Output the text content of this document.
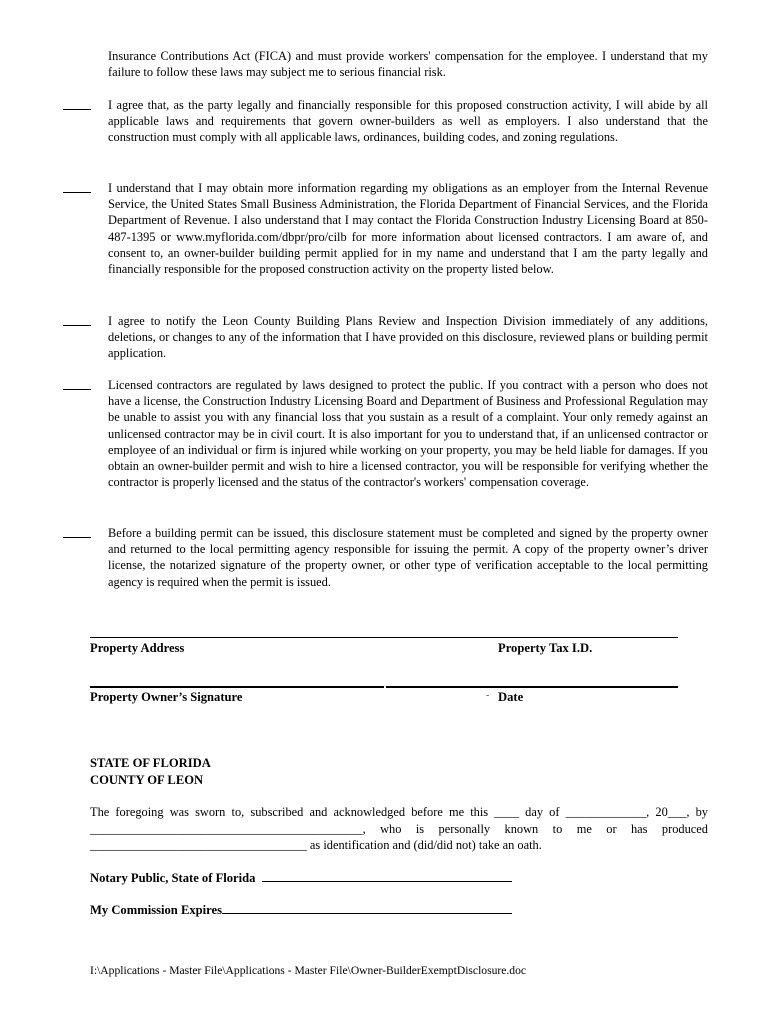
Insurance Contributions Act (FICA) and must provide workers' compensation for the employee. I understand that my failure to follow these laws may subject me to serious financial risk.

I agree that, as the party legally and financially responsible for this proposed construction activity, I will abide by all applicable laws and requirements that govern owner-builders as well as employers. I also understand that the construction must comply with all applicable laws, ordinances, building codes, and zoning regulations.

I understand that I may obtain more information regarding my obligations as an employer from the Internal Revenue Service, the United States Small Business Administration, the Florida Department of Financial Services, and the Florida Department of Revenue. I also understand that I may contact the Florida Construction Industry Licensing Board at 850-487-1395 or www.myflorida.com/dbpr/pro/cilb for more information about licensed contractors. I am aware of, and consent to, an owner-builder building permit applied for in my name and understand that I am the party legally and financially responsible for the proposed construction activity on the property listed below.

I agree to notify the Leon County Building Plans Review and Inspection Division immediately of any additions, deletions, or changes to any of the information that I have provided on this disclosure, reviewed plans or building permit application.

Licensed contractors are regulated by laws designed to protect the public. If you contract with a person who does not have a license, the Construction Industry Licensing Board and Department of Business and Professional Regulation may be unable to assist you with any financial loss that you sustain as a result of a complaint. Your only remedy against an unlicensed contractor may be in civil court. It is also important for you to understand that, if an unlicensed contractor or employee of an individual or firm is injured while working on your property, you may be held liable for damages. If you obtain an owner-builder permit and wish to hire a licensed contractor, you will be responsible for verifying whether the contractor is properly licensed and the status of the contractor's workers' compensation coverage.

Before a building permit can be issued, this disclosure statement must be completed and signed by the property owner and returned to the local permitting agency responsible for issuing the permit. A copy of the property owner’s driver license, the notarized signature of the property owner, or other type of verification acceptable to the local permitting agency is required when the permit is issued.

Property Address	Property Tax I.D.

Property Owner’s Signature	- Date

STATE OF FLORIDA

COUNTY OF LEON

The foregoing was sworn to, subscribed and acknowledged before me this ____ day of _____________, 20___, by ____________________________________________, who is personally known to me or has produced ___________________________________ as identification and (did/did not) take an oath.

Notary Public, State of Florida

My Commission Expires

I:\Applications - Master File\Applications - Master File\Owner-BuilderExemptDisclosure.doc
